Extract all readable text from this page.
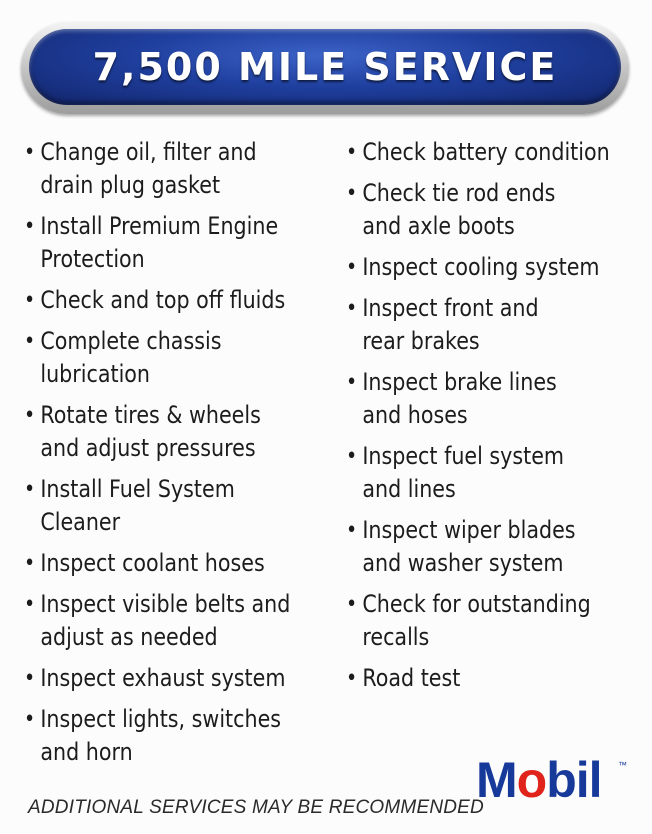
7,500 MILE SERVICE
• Change oil, filter and
drain plug gasket
• Install Premium Engine
Protection
• Check and top off fluids
• Complete chassis
lubrication
• Rotate tires & wheels
and adjust pressures
• Install Fuel System
Cleaner
• Inspect coolant hoses
• Inspect visible belts and
adjust as needed
• Inspect exhaust system
• Inspect lights, switches
and horn
• Check battery condition
• Check tie rod ends
and axle boots
• Inspect cooling system
• Inspect front and
rear brakes
• Inspect brake lines
and hoses
• Inspect fuel system
and lines
• Inspect wiper blades
and washer system
• Check for outstanding
recalls
• Road test
ADDITIONAL SERVICES MAY BE RECOMMENDED
Mobil ™
